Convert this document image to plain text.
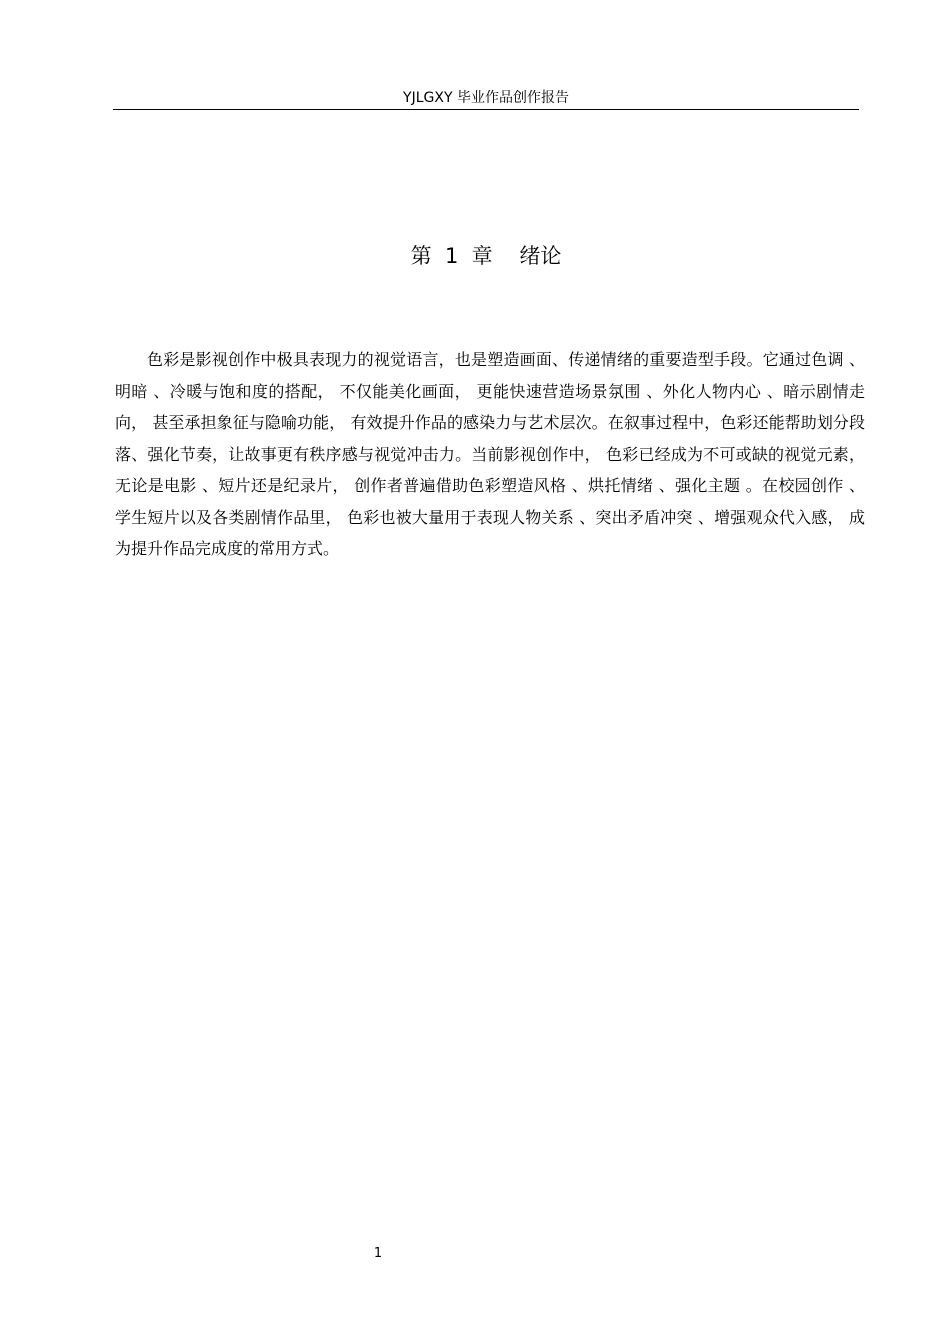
YJLGXY 毕业作品创作报告
第  1  章    绪论

色彩是影视创作中极具表现力的视觉语言，也是塑造画面、传递情绪的重要造型手段。它通过色调 、明暗 、冷暖与饱和度的搭配， 不仅能美化画面， 更能快速营造场景氛围 、外化人物内心 、暗示剧情走向， 甚至承担象征与隐喻功能， 有效提升作品的感染力与艺术层次。在叙事过程中，色彩还能帮助划分段落、强化节奏，让故事更有秩序感与视觉冲击力。当前影视创作中， 色彩已经成为不可或缺的视觉元素， 无论是电影 、短片还是纪录片， 创作者普遍借助色彩塑造风格 、烘托情绪 、强化主题 。在校园创作 、学生短片以及各类剧情作品里， 色彩也被大量用于表现人物关系 、突出矛盾冲突 、增强观众代入感， 成为提升作品完成度的常用方式。

1
